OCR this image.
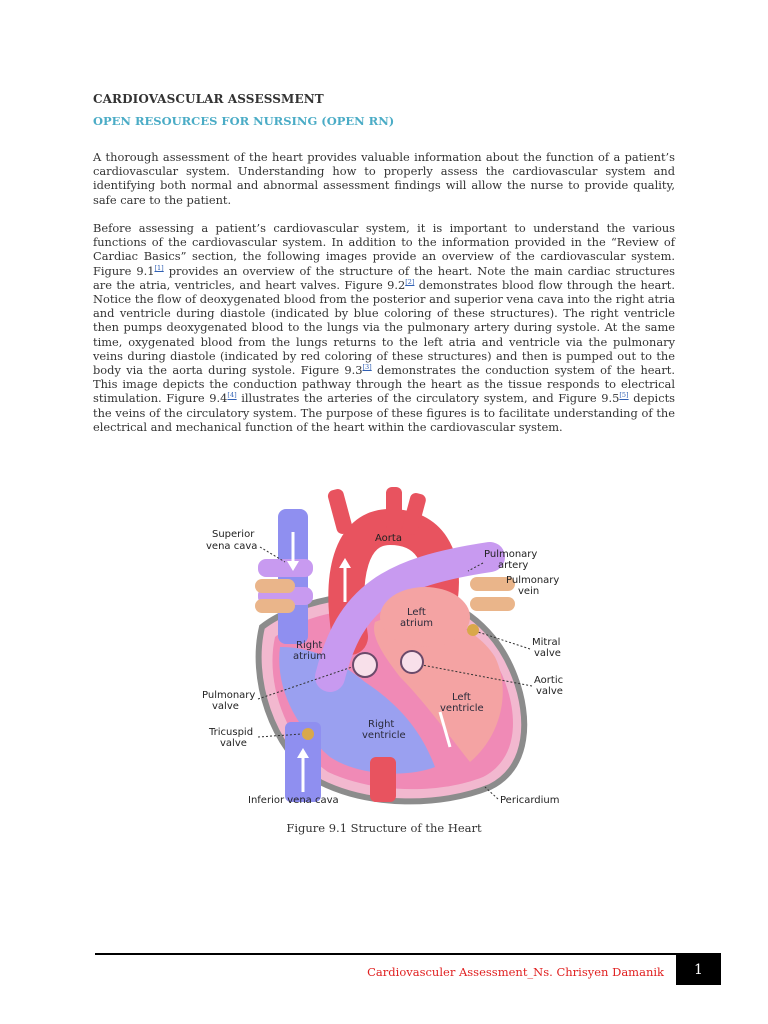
CARDIOVASCULAR ASSESSMENT
OPEN RESOURCES FOR NURSING (OPEN RN)
A thorough assessment of the heart provides valuable information about the function of a patient’s cardiovascular system. Understanding how to properly assess the cardiovascular system and identifying both normal and abnormal assessment findings will allow the nurse to provide quality, safe care to the patient.
Before assessing a patient’s cardiovascular system, it is important to understand the various functions of the cardiovascular system. In addition to the information provided in the “Review of Cardiac Basics” section, the following images provide an overview of the cardiovascular system. Figure 9.1[1] provides an overview of the structure of the heart. Note the main cardiac structures are the atria, ventricles, and heart valves. Figure 9.2[2] demonstrates blood flow through the heart. Notice the flow of deoxygenated blood from the posterior and superior vena cava into the right atria and ventricle during diastole (indicated by blue coloring of these structures). The right ventricle then pumps deoxygenated blood to the lungs via the pulmonary artery during systole. At the same time, oxygenated blood from the lungs returns to the left atria and ventricle via the pulmonary veins during diastole (indicated by red coloring of these structures) and then is pumped out to the body via the aorta during systole. Figure 9.3[3] demonstrates the conduction system of the heart. This image depicts the conduction pathway through the heart as the tissue responds to electrical stimulation. Figure 9.4[4] illustrates the arteries of the circulatory system, and Figure 9.5[5] depicts the veins of the circulatory system. The purpose of these figures is to facilitate understanding of the electrical and mechanical function of the heart within the cardiovascular system.
Superior
vena cava
Aorta
Pulmonary
artery
Pulmonary
vein
Left
atrium
Right
atrium
Mitral
valve
Aortic
valve
Pulmonary
valve
Left
ventricle
Tricuspid
valve
Right
ventricle
Inferior vena cava	Pericardium
Figure 9.1 Structure of the Heart
Cardiovasculer Assessment_Ns. Chrisyen Damanik	1
